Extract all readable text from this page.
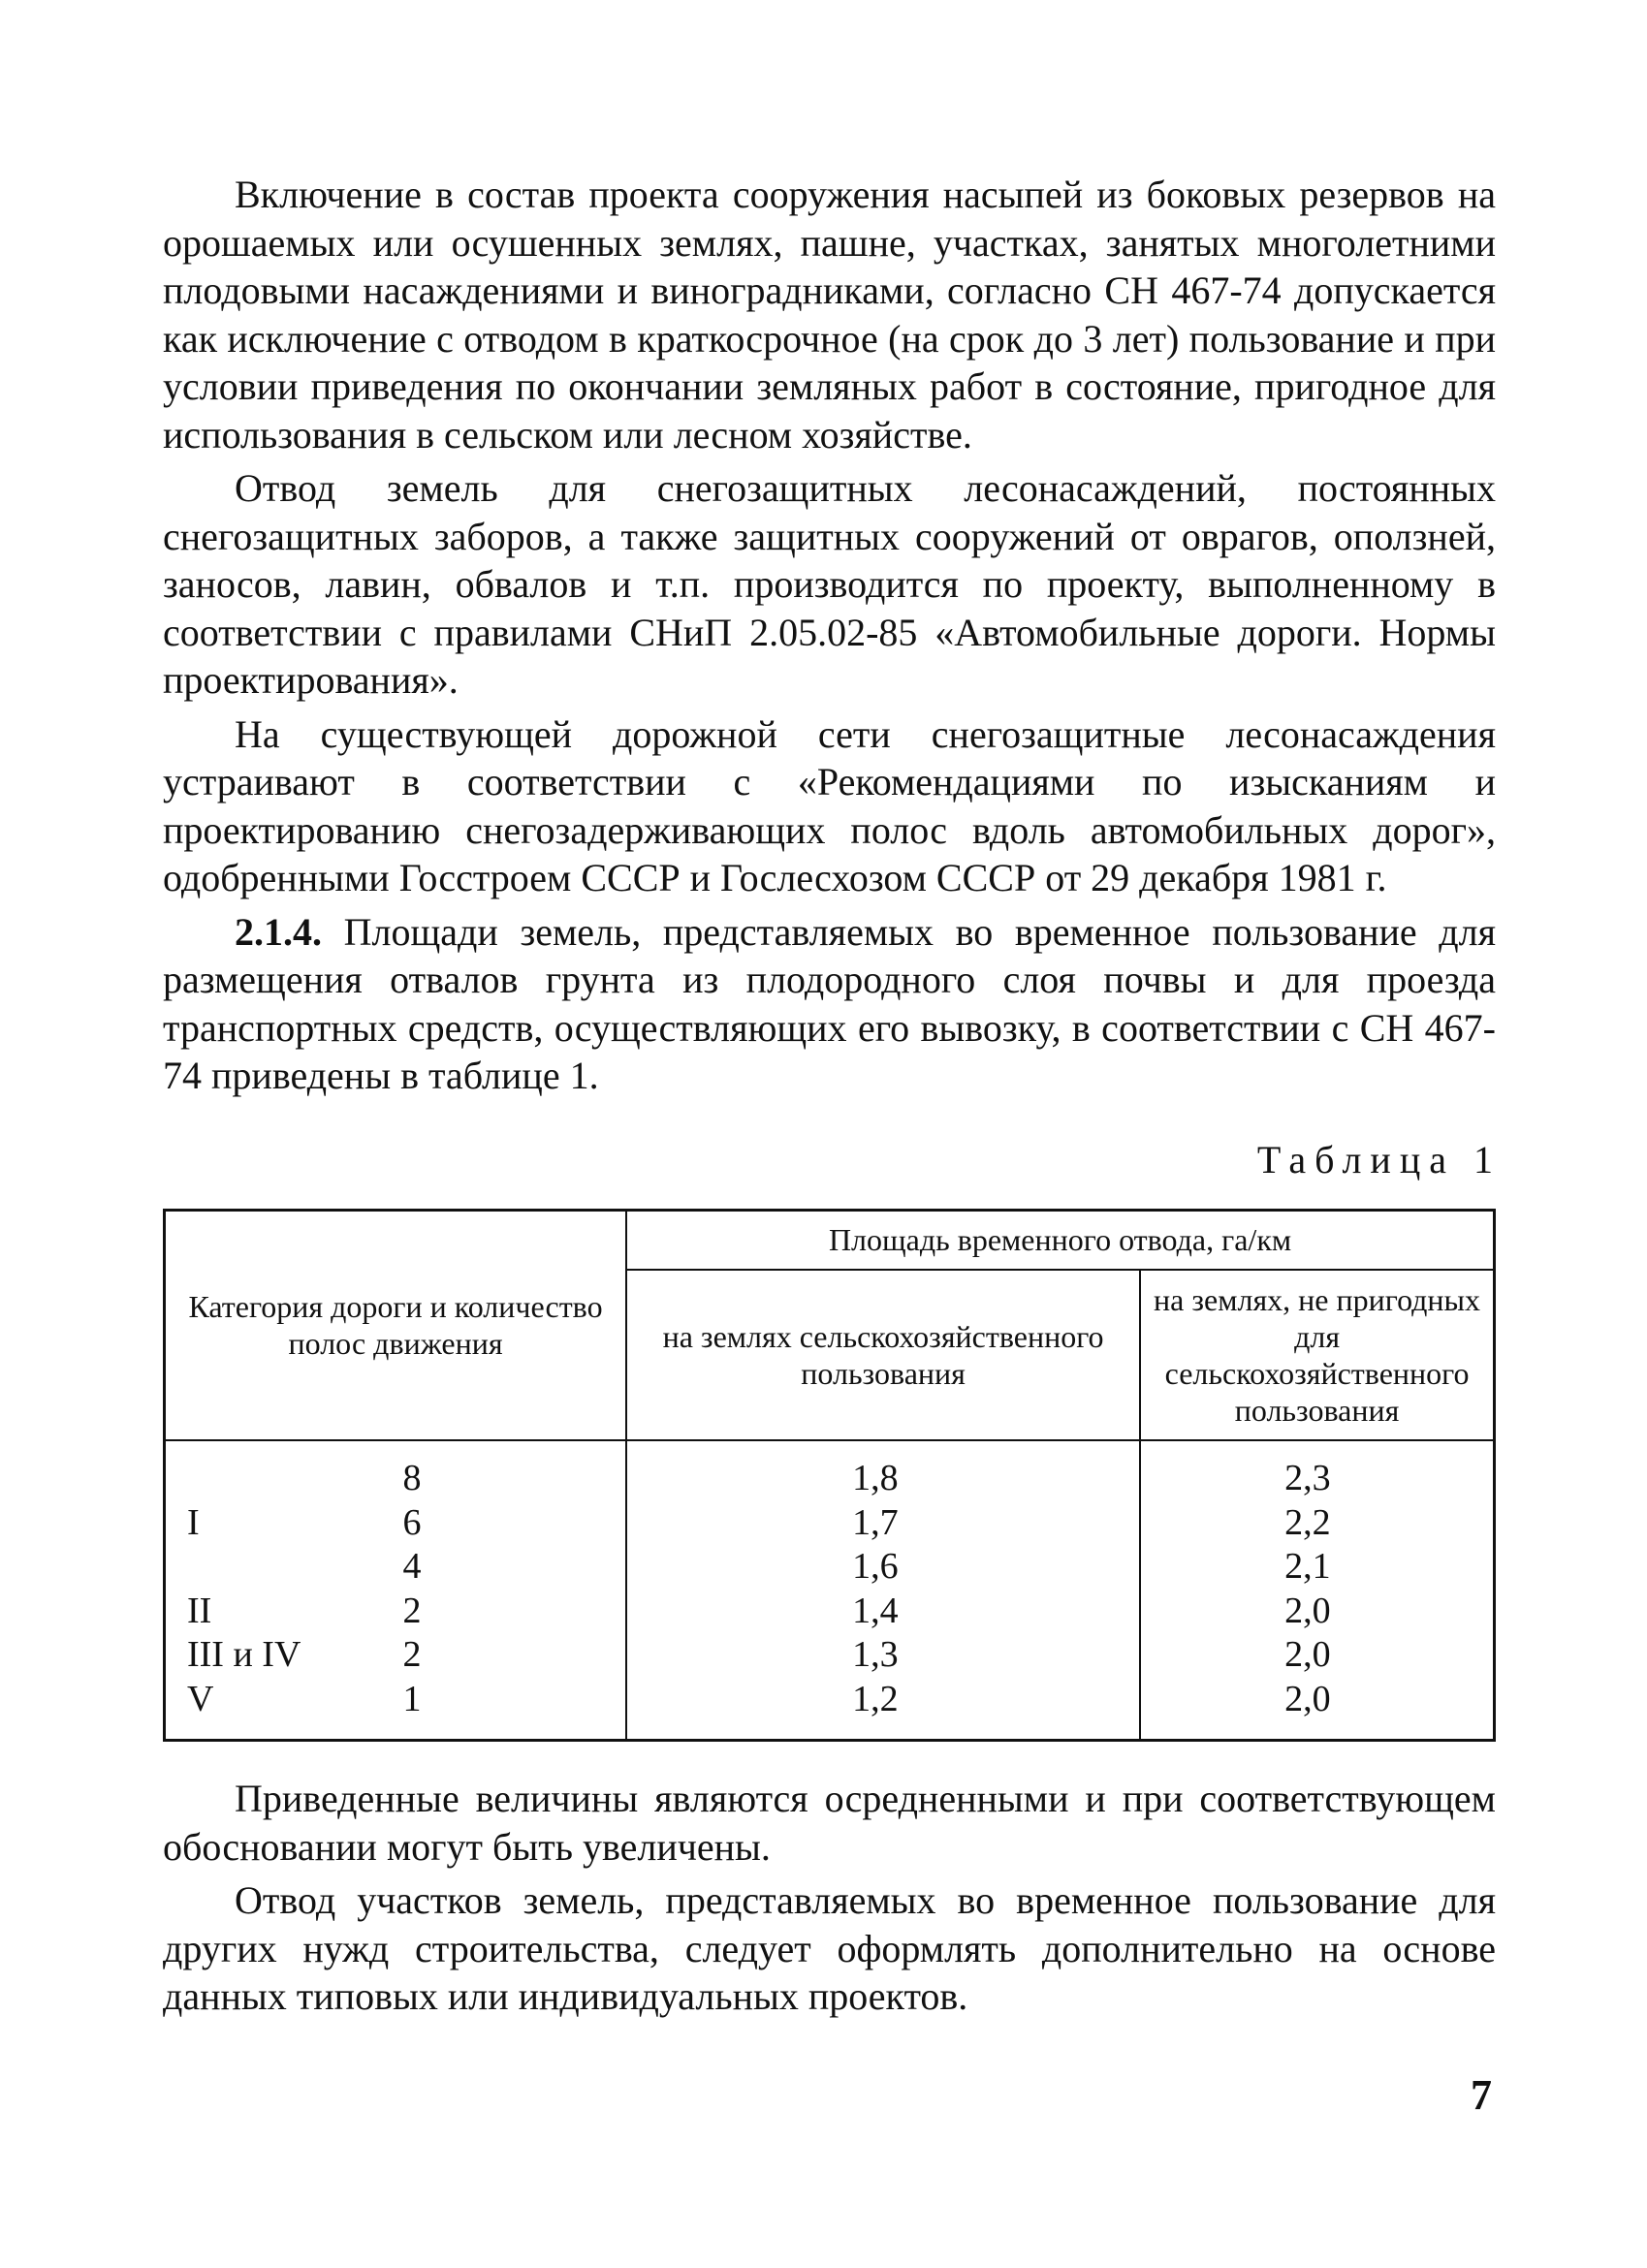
Включение в состав проекта сооружения насыпей из боковых резервов на орошаемых или осушенных землях, пашне, участках, занятых многолетними плодовыми насаждениями и виноградниками, согласно СН 467-74 допускается как исключение с отводом в краткосрочное (на срок до 3 лет) пользование и при условии приведения по окончании земляных работ в состояние, пригодное для использования в сельском или лесном хозяйстве.

Отвод земель для снегозащитных лесонасаждений, постоянных снегозащитных заборов, а также защитных сооружений от оврагов, оползней, заносов, лавин, обвалов и т.п. производится по проекту, выполненному в соответствии с правилами СНиП 2.05.02-85 «Автомобильные дороги. Нормы проектирования».

На существующей дорожной сети снегозащитные лесонасаждения устраивают в соответствии с «Рекомендациями по изысканиям и проектированию снегозадерживающих полос вдоль автомобильных дорог», одобренными Госстроем СССР и Гослесхозом СССР от 29 декабря 1981 г.

2.1.4. Площади земель, представляемых во временное пользование для размещения отвалов грунта из плодородного слоя почвы и для проезда транспортных средств, осуществляющих его вывозку, в соответствии с СН 467-74 приведены в таблице 1.

Таблица 1
Категория дороги и количество полос движения	Площадь временного отвода, га/км	
	на землях сельскохозяйственного пользования	на землях, не пригодных для сельскохозяйственного пользования

8	1,8	2,3

I 6	1,7	2,2

4	1,6	2,1

II 2	1,4	2,0

III и IV 2	1,3	2,0

V 1	1,2	2,0

Приведенные величины являются осредненными и при соответствующем обосновании могут быть увеличены.

Отвод участков земель, представляемых во временное пользование для других нужд строительства, следует оформлять дополнительно на основе данных типовых или индивидуальных проектов.

7
